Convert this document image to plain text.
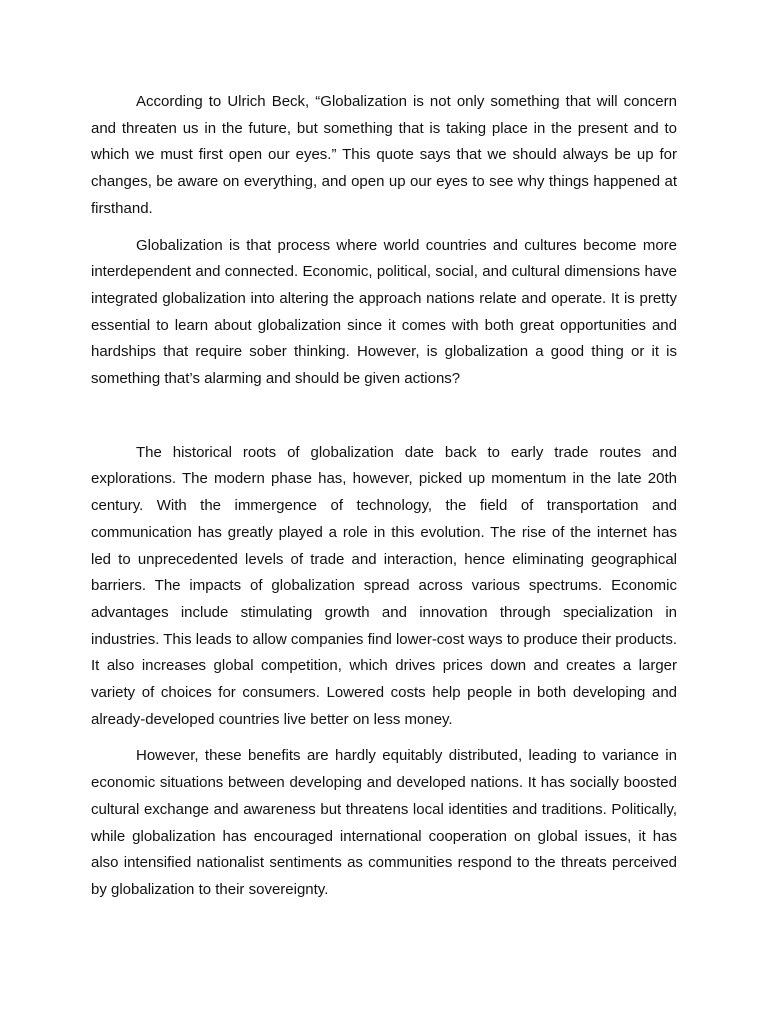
According to Ulrich Beck, “Globalization is not only something that will concern and threaten us in the future, but something that is taking place in the present and to which we must first open our eyes.” This quote says that we should always be up for changes, be aware on everything, and open up our eyes to see why things happened at firsthand.

Globalization is that process where world countries and cultures become more interdependent and connected. Economic, political, social, and cultural dimensions have integrated globalization into altering the approach nations relate and operate. It is pretty essential to learn about globalization since it comes with both great opportunities and hardships that require sober thinking. However, is globalization a good thing or it is something that’s alarming and should be given actions?

The historical roots of globalization date back to early trade routes and explorations. The modern phase has, however, picked up momentum in the late 20th century. With the immergence of technology, the field of transportation and communication has greatly played a role in this evolution. The rise of the internet has led to unprecedented levels of trade and interaction, hence eliminating geographical barriers. The impacts of globalization spread across various spectrums. Economic advantages include stimulating growth and innovation through specialization in industries. This leads to allow companies find lower-cost ways to produce their products. It also increases global competition, which drives prices down and creates a larger variety of choices for consumers. Lowered costs help people in both developing and already-developed countries live better on less money.

However, these benefits are hardly equitably distributed, leading to variance in economic situations between developing and developed nations. It has socially boosted cultural exchange and awareness but threatens local identities and traditions. Politically, while globalization has encouraged international cooperation on global issues, it has also intensified nationalist sentiments as communities respond to the threats perceived by globalization to their sovereignty.
